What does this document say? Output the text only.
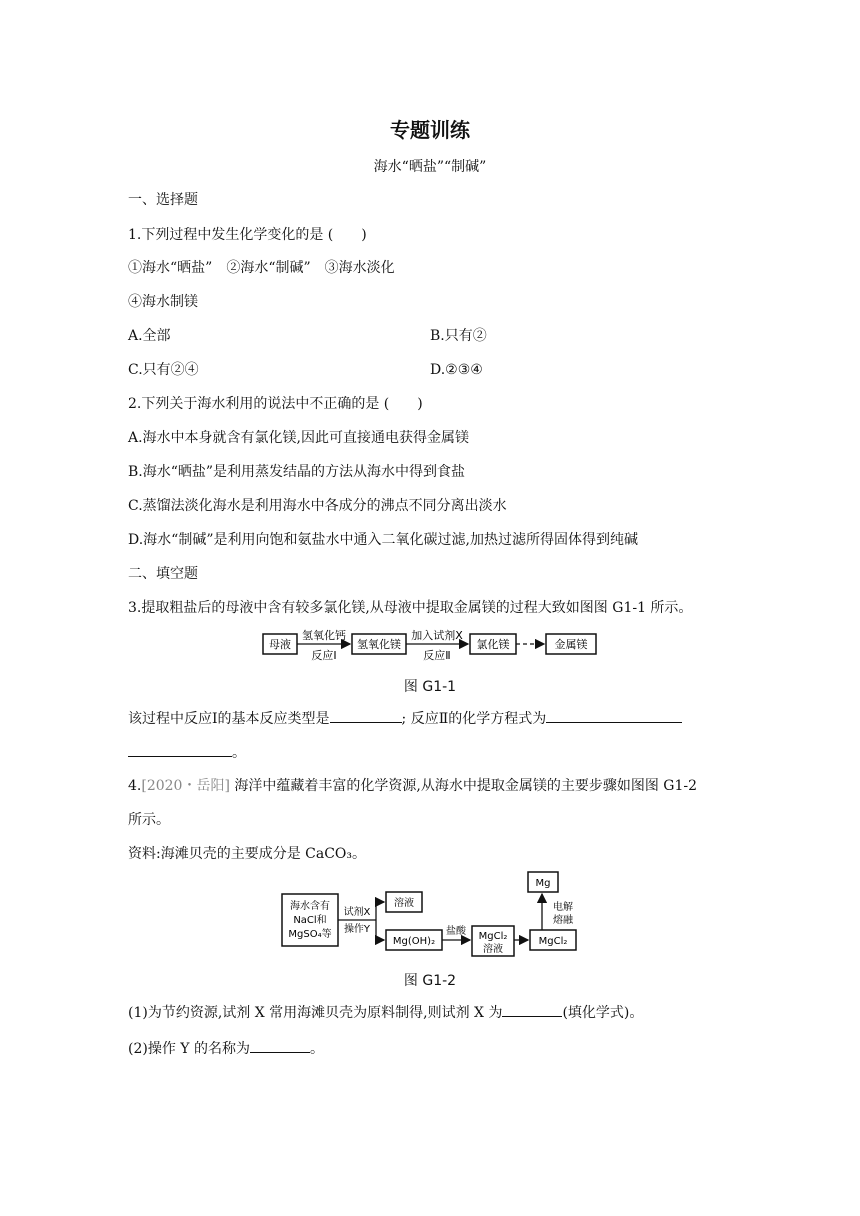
专题训练
海水“晒盐”“制碱”
一、选择题
1.下列过程中发生化学变化的是 (　　)
①海水“晒盐”　②海水“制碱”　③海水淡化
④海水制镁
A.全部	B.只有②
C.只有②④	D.②③④
2.下列关于海水利用的说法中不正确的是 (　　)
A.海水中本身就含有氯化镁,因此可直接通电获得金属镁
B.海水“晒盐”是利用蒸发结晶的方法从海水中得到食盐
C.蒸馏法淡化海水是利用海水中各成分的沸点不同分离出淡水
D.海水“制碱”是利用向饱和氨盐水中通入二氧化碳过滤,加热过滤所得固体得到纯碱
二、填空题
3.提取粗盐后的母液中含有较多氯化镁,从母液中提取金属镁的过程大致如图图 G1-1 所示。
母液
氢氧化钙
反应Ⅰ
氢氧化镁
加入试剂X
反应Ⅱ
氯化镁	金属镁
图 G1-1
该过程中反应Ⅰ的基本反应类型是	; 反应Ⅱ的化学方程式为
。
4.[2020・岳阳] 海洋中蕴藏着丰富的化学资源,从海水中提取金属镁的主要步骤如图图 G1-2
所示。
资料:海滩贝壳的主要成分是 CaCO₃。
海水含有
NaCl和
MgSO₄等
试剂X
操作Y
溶液
Mg(OH)₂
盐酸 MgCl₂
溶液
MgCl₂
电解
熔融
Mg
图 G1-2
(1)为节约资源,试剂 X 常用海滩贝壳为原料制得,则试剂 X 为	(填化学式)。
(2)操作 Y 的名称为	。
